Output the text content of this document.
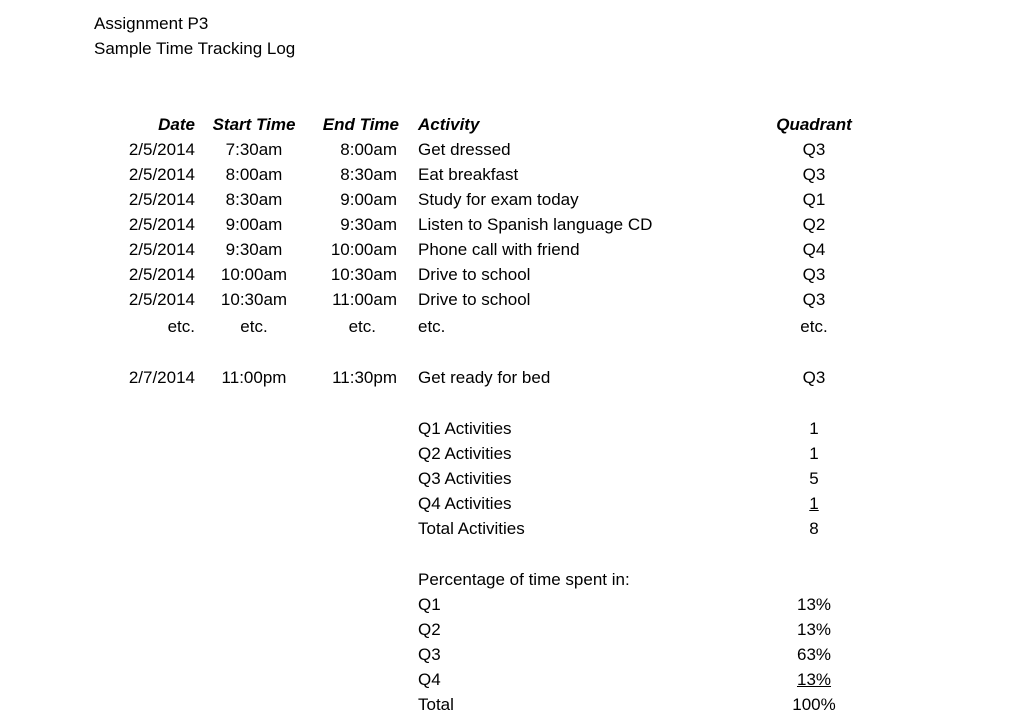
Assignment P3
Sample Time Tracking Log
Date	Start Time	End Time Activity	Quadrant
2/5/2014	7:30am	8:00am Get dressed	Q3
2/5/2014	8:00am	8:30am Eat breakfast	Q3
2/5/2014	8:30am	9:00am Study for exam today	Q1
2/5/2014	9:00am	9:30am Listen to Spanish language CD	Q2
2/5/2014	9:30am	10:00am Phone call with friend	Q4
2/5/2014	10:00am	10:30am Drive to school	Q3
2/5/2014	10:30am	11:00am Drive to school	Q3
etc.	etc.	etc. etc.	etc.
2/7/2014	11:00pm	11:30pm Get ready for bed	Q3
Q1 Activities	1
Q2 Activities	1
Q3 Activities	5
Q4 Activities	1
Total Activities	8
Percentage of time spent in:
Q1	13%
Q2	13%
Q3	63%
Q4	13%
Total	100%
